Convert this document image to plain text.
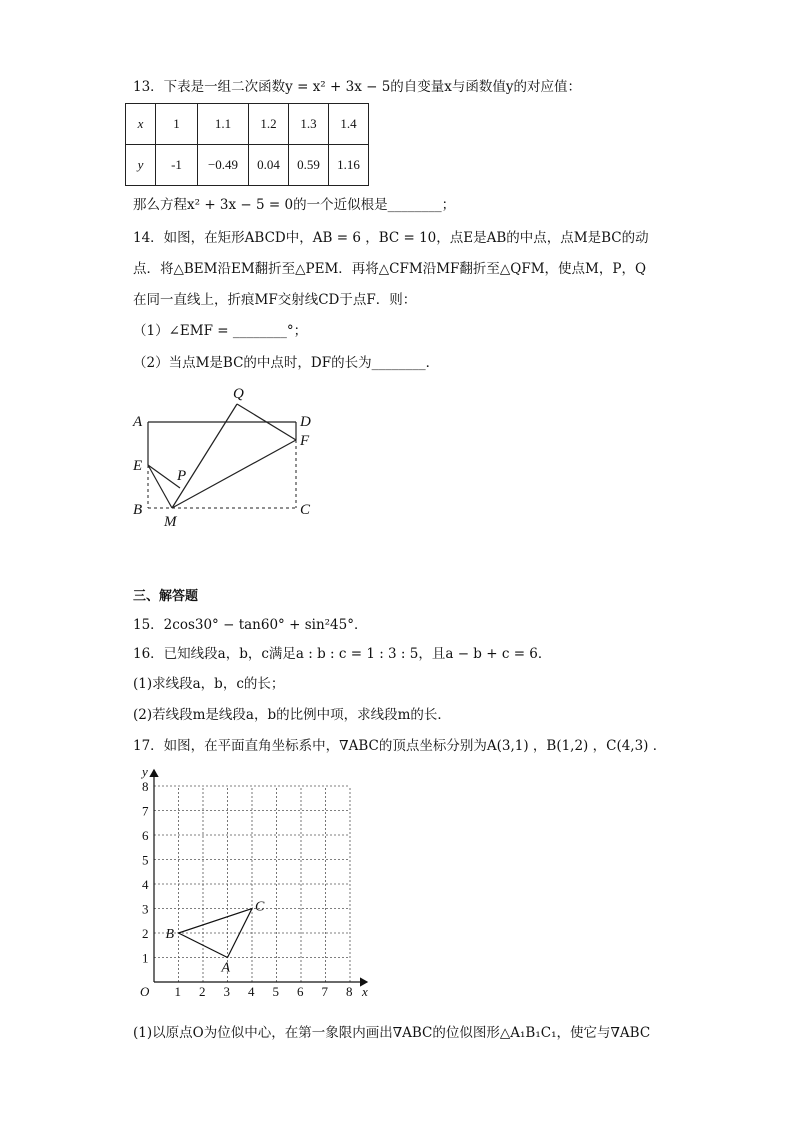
13．下表是一组二次函数y = x² + 3x − 5的自变量x与函数值y的对应值：
x	1	1.1	1.2	1.3	1.4
y	-1	−0.49	0.04	0.59	1.16
那么方程x² + 3x − 5 = 0的一个近似根是________；
14．如图，在矩形ABCD中，AB = 6 ，BC = 10，点E是AB的中点，点M是BC的动
点．将△BEM沿EM翻折至△PEM．再将△CFM沿MF翻折至△QFM，使点M，P，Q
在同一直线上，折痕MF交射线CD于点F．则：
（1）∠EMF = ________°；
（2）当点M是BC的中点时，DF的长为________．
A	D
F
Q
E
P
B
M
C
三、解答题
15．2cos30° − tan60° + sin²45°．
16．已知线段a，b，c满足a : b : c = 1 : 3 : 5，且a − b + c = 6．
(1)求线段a，b，c的长；
(2)若线段m是线段a，b的比例中项，求线段m的长．
17．如图，在平面直角坐标系中，∇ABC的顶点坐标分别为A(3,1) ，B(1,2) ，C(4,3) ．
x
y
O 1 2 3 4 5 6 7 8
1
2
3
4
5
6
7
8
A
B
C
(1)以原点O为位似中心，在第一象限内画出∇ABC的位似图形△A₁B₁C₁，使它与∇ABC
